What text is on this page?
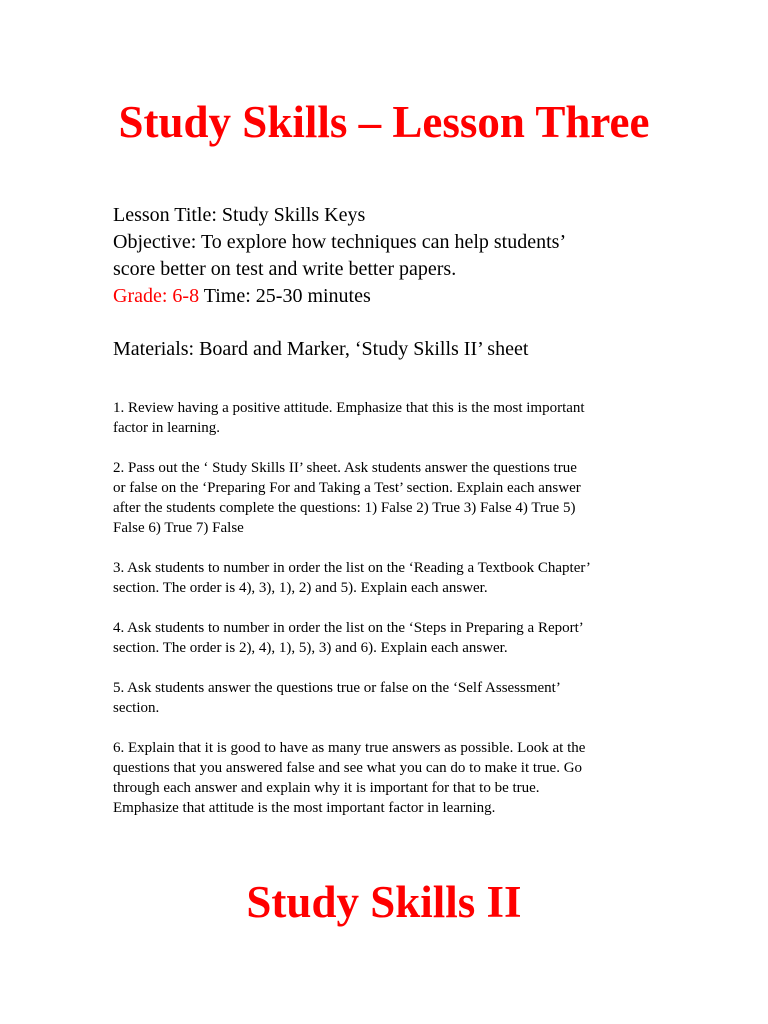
Study Skills – Lesson Three
Lesson Title: Study Skills Keys
Objective: To explore how techniques can help students’
score better on test and write better papers.
Grade: 6-8 Time: 25-30 minutes
Materials: Board and Marker, ‘Study Skills II’ sheet
1. Review having a positive attitude. Emphasize that this is the most important
factor in learning.
2. Pass out the ‘ Study Skills II’ sheet. Ask students answer the questions true
or false on the ‘Preparing For and Taking a Test’ section. Explain each answer
after the students complete the questions: 1) False 2) True 3) False 4) True 5)
False 6) True 7) False
3. Ask students to number in order the list on the ‘Reading a Textbook Chapter’
section. The order is 4), 3), 1), 2) and 5). Explain each answer.
4. Ask students to number in order the list on the ‘Steps in Preparing a Report’
section. The order is 2), 4), 1), 5), 3) and 6). Explain each answer.
5. Ask students answer the questions true or false on the ‘Self Assessment’
section.
6. Explain that it is good to have as many true answers as possible. Look at the
questions that you answered false and see what you can do to make it true. Go
through each answer and explain why it is important for that to be true.
Emphasize that attitude is the most important factor in learning.
Study Skills II
